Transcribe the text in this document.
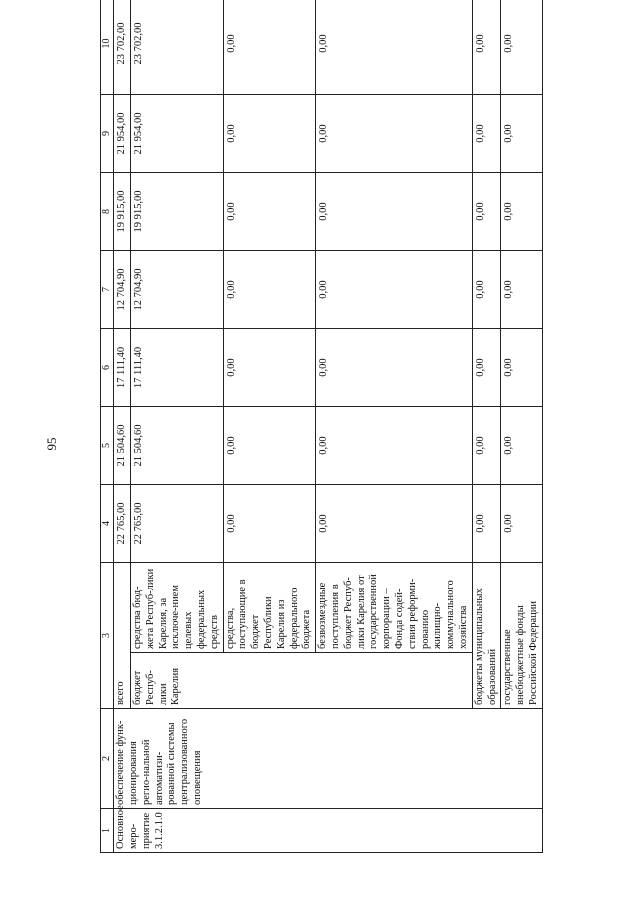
95
1	2	3		4	5	6	7	8	9	10
Основное меро-приятие 3.1.2.1.0	обеспечение функ-ционирования регио-нальной автоматизи-рованной системы централизованного оповещения	всего		22 765,00	21 504,60	17 111,40	12 704,90	19 915,00	21 954,00	23 702,00
		бюджет Респуб-лики Карелия	средства бюд-жета Респуб-лики Карелия, за исключе-нием целевых федеральных средств	22 765,00	21 504,60	17 111,40	12 704,90	19 915,00	21 954,00	23 702,00
			средства, поступающие в бюджет Республики Карелия из федерального бюджета	0,00	0,00	0,00	0,00	0,00	0,00	0,00
			безвозмездные поступления в бюджет Респуб-лики Карелия от государственной корпорации – Фонда содей-ствия реформи-рованию жилищно-коммунального хозяйства	0,00	0,00	0,00	0,00	0,00	0,00	0,00
		бюджеты муниципальных образований		0,00	0,00	0,00	0,00	0,00	0,00	0,00
		государственные внебюджетные фонды Российской Федерации		0,00	0,00	0,00	0,00	0,00	0,00	0,00
